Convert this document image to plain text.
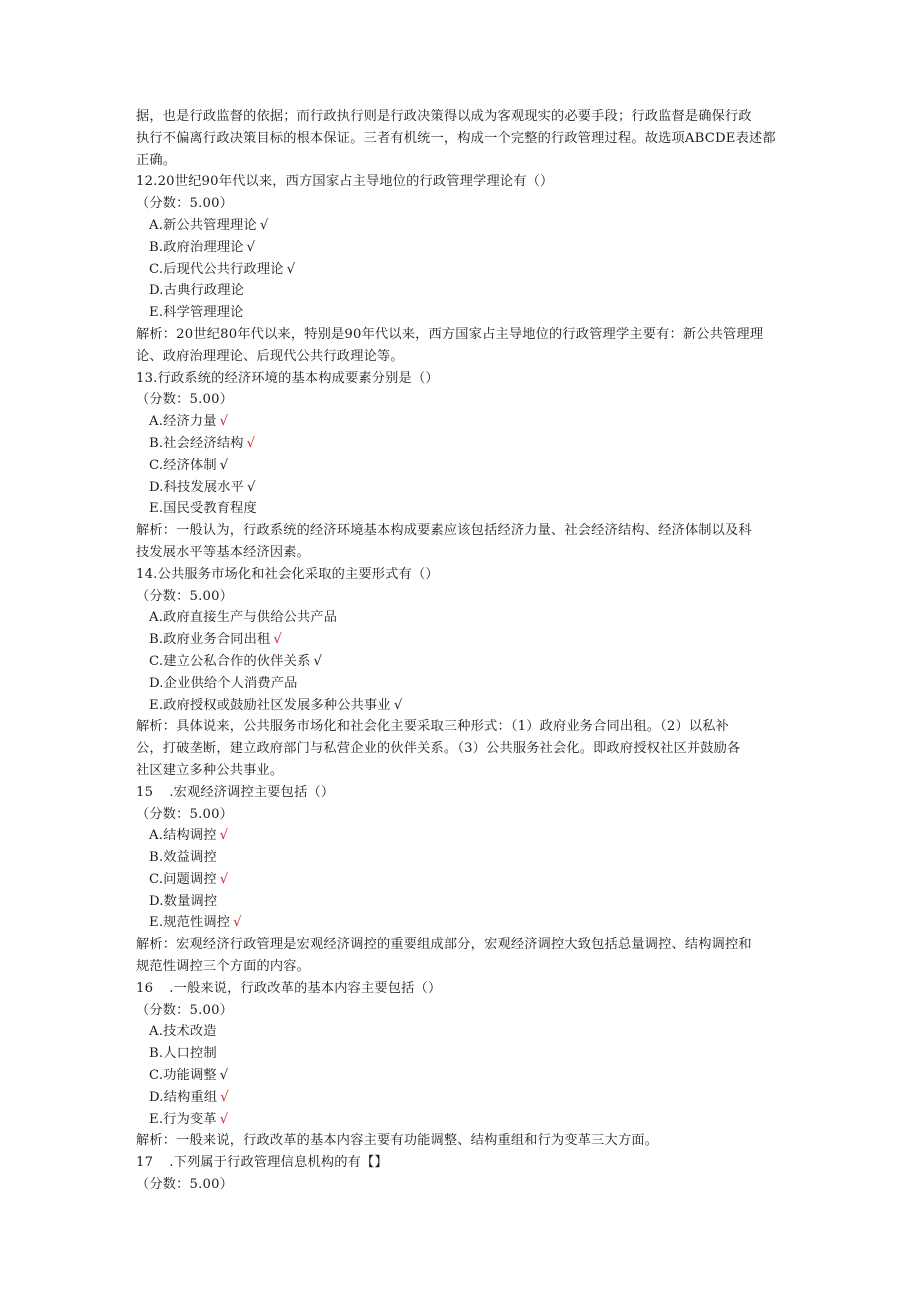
据，也是行政监督的依据；而行政执行则是行政决策得以成为客观现实的必要手段；行政监督是确保行政
执行不偏离行政决策目标的根本保证。三者有机统一，构成一个完整的行政管理过程。故选项ABCDE表述都
正确。
12.20世纪90年代以来，西方国家占主导地位的行政管理学理论有（）
（分数：5.00）
A.新公共管理理论 √
B.政府治理理论 √
C.后现代公共行政理论 √
D.古典行政理论
E.科学管理理论
解析：20世纪80年代以来，特别是90年代以来，西方国家占主导地位的行政管理学主要有：新公共管理理
论、政府治理理论、后现代公共行政理论等。
13.行政系统的经济环境的基本构成要素分别是（）
（分数：5.00）
A.经济力量 √
B.社会经济结构 √
C.经济体制 √
D.科技发展水平 √
E.国民受教育程度
解析：一般认为，行政系统的经济环境基本构成要素应该包括经济力量、社会经济结构、经济体制以及科
技发展水平等基本经济因素。
14.公共服务市场化和社会化采取的主要形式有（）
（分数：5.00）
A.政府直接生产与供给公共产品
B.政府业务合同出租 √
C.建立公私合作的伙伴关系 √
D.企业供给个人消费产品
E.政府授权或鼓励社区发展多种公共事业 √
解析：具体说来，公共服务市场化和社会化主要采取三种形式：（1）政府业务合同出租。（2）以私补
公，打破垄断，建立政府部门与私营企业的伙伴关系。（3）公共服务社会化。即政府授权社区并鼓励各
社区建立多种公共事业。
15 .宏观经济调控主要包括（）
（分数：5.00）
A.结构调控 √
B.效益调控
C.问题调控 √
D.数量调控
E.规范性调控 √
解析：宏观经济行政管理是宏观经济调控的重要组成部分，宏观经济调控大致包括总量调控、结构调控和
规范性调控三个方面的内容。
16 .一般来说，行政改革的基本内容主要包括（）
（分数：5.00）
A.技术改造
B.人口控制
C.功能调整 √
D.结构重组 √
E.行为变革 √
解析：一般来说，行政改革的基本内容主要有功能调整、结构重组和行为变革三大方面。
17 .下列属于行政管理信息机构的有【】
（分数：5.00）
